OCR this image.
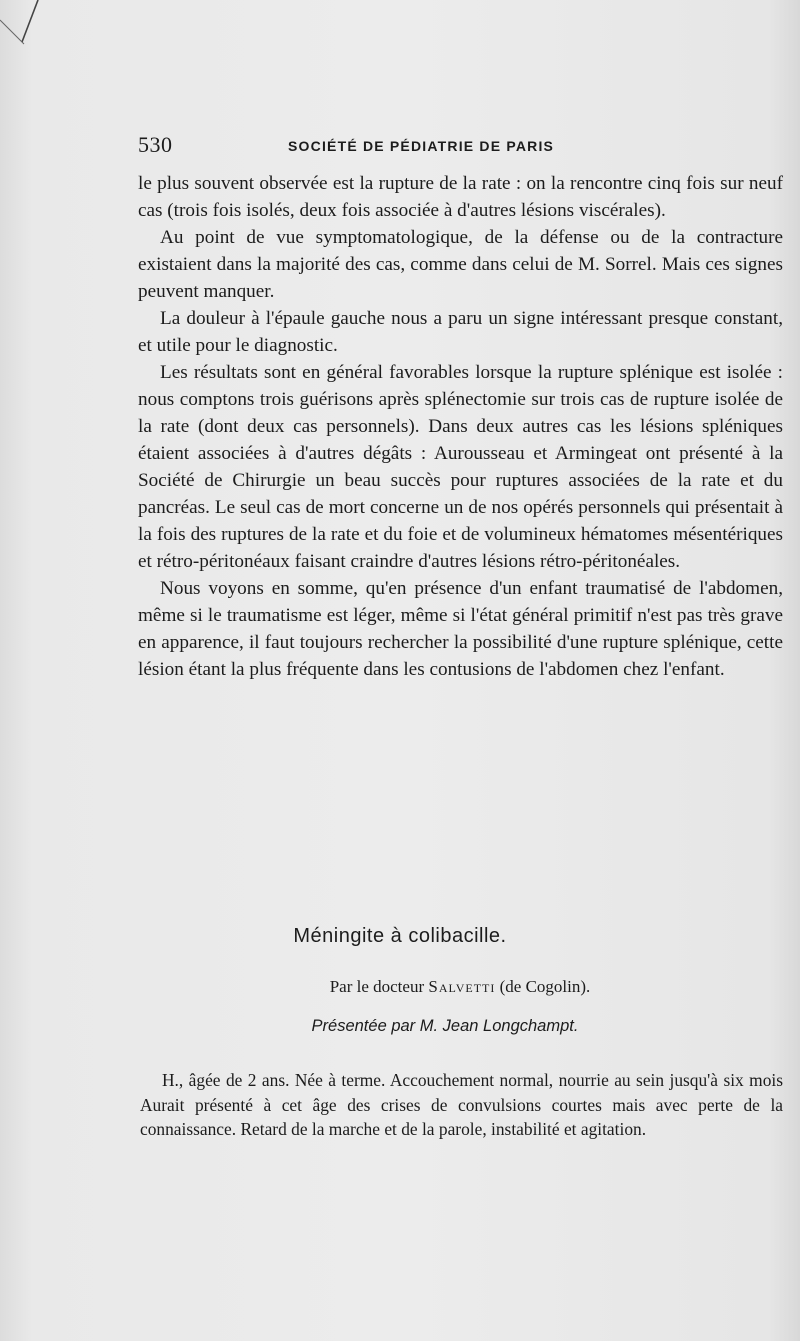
530	SOCIÉTÉ DE PÉDIATRIE DE PARIS

le plus souvent observée est la rupture de la rate : on la rencontre cinq fois sur neuf cas (trois fois isolés, deux fois associée à d'autres lésions viscérales).

Au point de vue symptomatologique, de la défense ou de la contracture existaient dans la majorité des cas, comme dans celui de M. Sorrel. Mais ces signes peuvent manquer.

La douleur à l'épaule gauche nous a paru un signe intéressant presque constant, et utile pour le diagnostic.

Les résultats sont en général favorables lorsque la rupture splénique est isolée : nous comptons trois guérisons après splénectomie sur trois cas de rupture isolée de la rate (dont deux cas personnels). Dans deux autres cas les lésions spléniques étaient associées à d'autres dégâts : Aurousseau et Armingeat ont présenté à la Société de Chirurgie un beau succès pour ruptures associées de la rate et du pancréas. Le seul cas de mort concerne un de nos opérés personnels qui présentait à la fois des ruptures de la rate et du foie et de volumineux hématomes mésentériques et rétro-péritonéaux faisant craindre d'autres lésions rétro-péritonéales.

Nous voyons en somme, qu'en présence d'un enfant traumatisé de l'abdomen, même si le traumatisme est léger, même si l'état général primitif n'est pas très grave en apparence, il faut toujours rechercher la possibilité d'une rupture splénique, cette lésion étant la plus fréquente dans les contusions de l'abdomen chez l'enfant.

Méningite à colibacille.
Par le docteur Salvetti (de Cogolin).
Présentée par M. Jean Longchampt.

H., âgée de 2 ans. Née à terme. Accouchement normal, nourrie au sein jusqu'à six mois Aurait présenté à cet âge des crises de convulsions courtes mais avec perte de la connaissance. Retard de la marche et de la parole, instabilité et agitation.
